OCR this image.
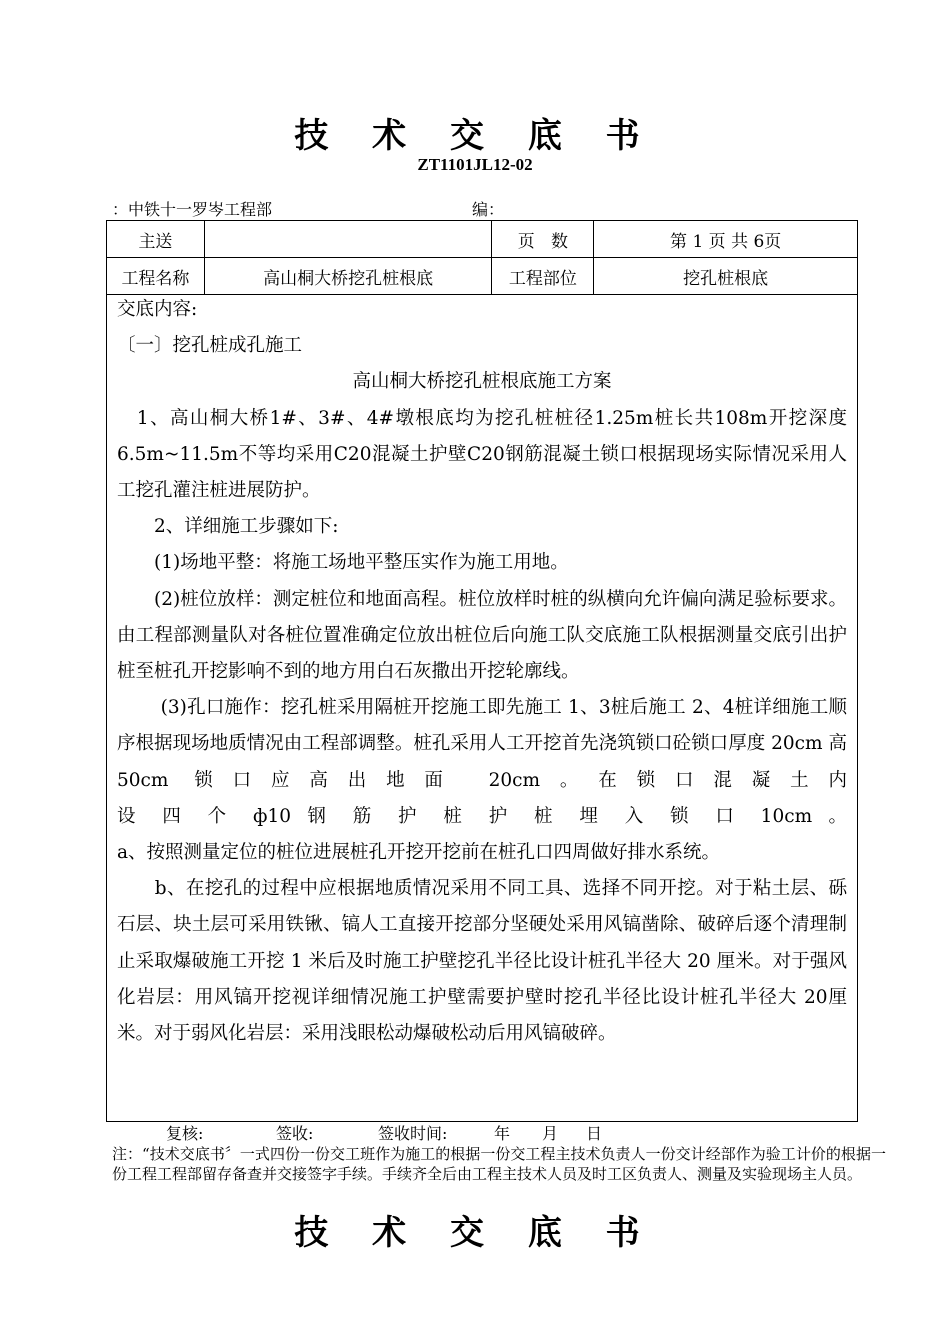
技 术 交 底 书
ZT1101JL12-02
：中铁十一罗岑工程部	编：
主送		页   数	第 1 页 共 6页
工程名称	高山桐大桥挖孔桩根底	工程部位	挖孔桩根底

交底内容:

〔一〕挖孔桩成孔施工

高山桐大桥挖孔桩根底施工方案

　1、高山桐大桥1#、3#、4#墩根底均为挖孔桩桩径1.25m桩长共108m开挖深度6.5m~11.5m不等均采用C20混凝土护壁C20钢筋混凝土锁口根据现场实际情况采用人工挖孔灌注桩进展防护。

　　2、详细施工步骤如下:

　　(1)场地平整：将施工场地平整压实作为施工用地。

　　(2)桩位放样：测定桩位和地面高程。桩位放样时桩的纵横向允许偏向满足验标要求。由工程部测量队对各桩位置准确定位放出桩位后向施工队交底施工队根据测量交底引出护桩至桩孔开挖影响不到的地方用白石灰撒出开挖轮廓线。

　　 (3)孔口施作：挖孔桩采用隔桩开挖施工即先施工 1、3桩后施工 2、4桩详细施工顺序根据现场地质情况由工程部调整。桩孔采用人工开挖首先浇筑锁口砼锁口厚度 20cm 高 50cm 锁口应高出地面 20cm。在锁口混凝土内

设 四 个 ф10 钢 筋 护 桩 护 桩 埋 入 锁 口 10cm 。

a、按照测量定位的桩位进展桩孔开挖开挖前在桩孔口四周做好排水系统。

　　b、在挖孔的过程中应根据地质情况采用不同工具、选择不同开挖。对于粘土层、砾石层、块土层可采用铁锹、镐人工直接开挖部分坚硬处采用风镐凿除、破碎后逐个清理制止采取爆破施工开挖 1 米后及时施工护壁挖孔半径比设计桩孔半径大 20 厘米。对于强风化岩层：用风镐开挖视详细情况施工护壁需要护壁时挖孔半径比设计桩孔半径大 20厘米。对于弱风化岩层：采用浅眼松动爆破松动后用风镐破碎。

复核:	签收:	签收时间:	年 月 日
注：“技术交底书〞一式四份一份交工班作为施工的根据一份交工程主技术负责人一份交计经部作为验工计价的根据一份工程工程部留存备查并交接签字手续。手续齐全后由工程主技术人员及时工区负责人、测量及实验现场主人员。
技 术 交 底 书
